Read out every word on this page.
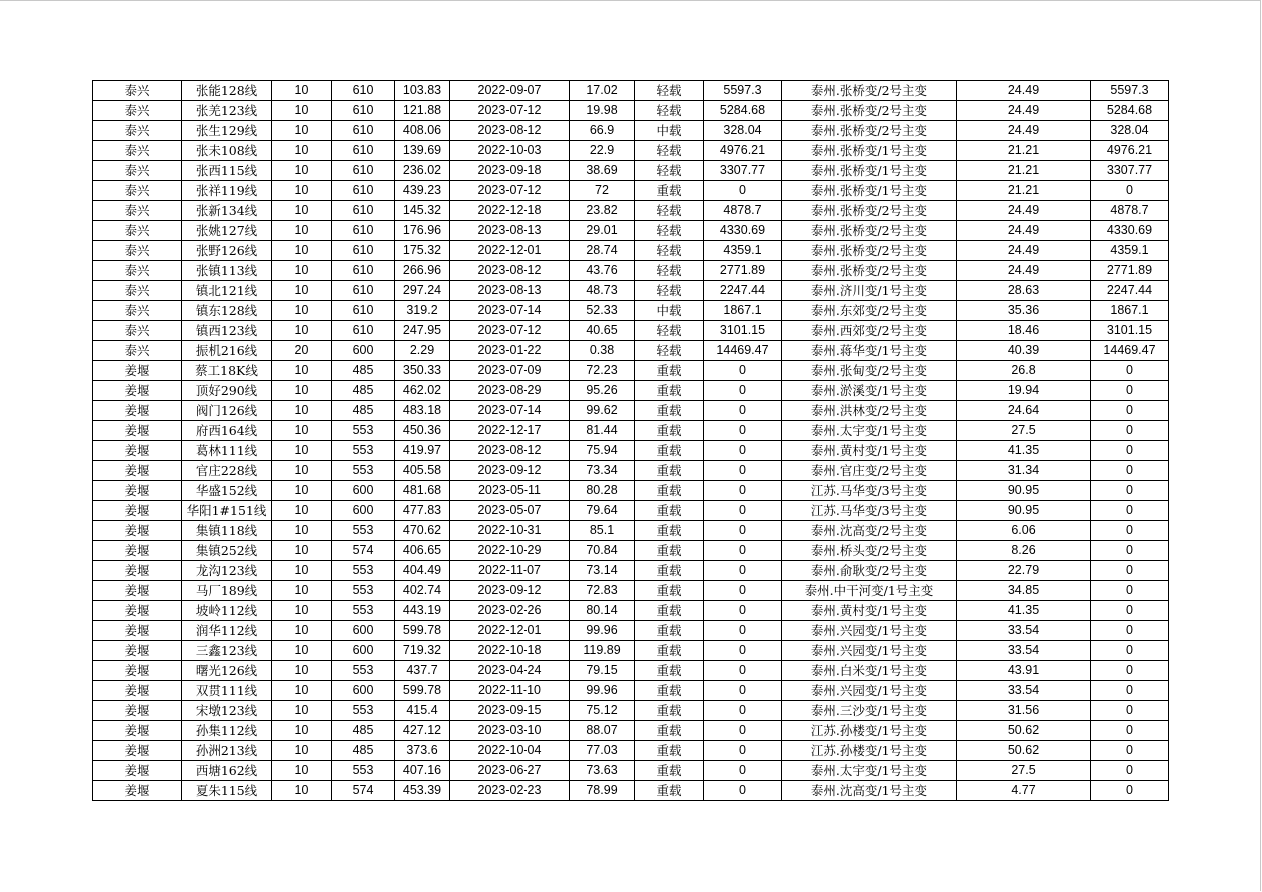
泰兴	张能128线	10	610	103.83	2022-09-07	17.02	轻载	5597.3	泰州.张桥变/2号主变	24.49	5597.3
泰兴	张羌123线	10	610	121.88	2023-07-12	19.98	轻载	5284.68	泰州.张桥变/2号主变	24.49	5284.68
泰兴	张生129线	10	610	408.06	2023-08-12	66.9	中载	328.04	泰州.张桥变/2号主变	24.49	328.04
泰兴	张未108线	10	610	139.69	2022-10-03	22.9	轻载	4976.21	泰州.张桥变/1号主变	21.21	4976.21
泰兴	张西115线	10	610	236.02	2023-09-18	38.69	轻载	3307.77	泰州.张桥变/1号主变	21.21	3307.77
泰兴	张祥119线	10	610	439.23	2023-07-12	72	重载	0	泰州.张桥变/1号主变	21.21	0
泰兴	张新134线	10	610	145.32	2022-12-18	23.82	轻载	4878.7	泰州.张桥变/2号主变	24.49	4878.7
泰兴	张姚127线	10	610	176.96	2023-08-13	29.01	轻载	4330.69	泰州.张桥变/2号主变	24.49	4330.69
泰兴	张野126线	10	610	175.32	2022-12-01	28.74	轻载	4359.1	泰州.张桥变/2号主变	24.49	4359.1
泰兴	张镇113线	10	610	266.96	2023-08-12	43.76	轻载	2771.89	泰州.张桥变/2号主变	24.49	2771.89
泰兴	镇北121线	10	610	297.24	2023-08-13	48.73	轻载	2247.44	泰州.济川变/1号主变	28.63	2247.44
泰兴	镇东128线	10	610	319.2	2023-07-14	52.33	中载	1867.1	泰州.东郊变/2号主变	35.36	1867.1
泰兴	镇西123线	10	610	247.95	2023-07-12	40.65	轻载	3101.15	泰州.西郊变/2号主变	18.46	3101.15
泰兴	振机216线	20	600	2.29	2023-01-22	0.38	轻载	14469.47	泰州.蒋华变/1号主变	40.39	14469.47
姜堰	蔡工18K线	10	485	350.33	2023-07-09	72.23	重载	0	泰州.张甸变/2号主变	26.8	0
姜堰	顶好290线	10	485	462.02	2023-08-29	95.26	重载	0	泰州.淤溪变/1号主变	19.94	0
姜堰	阀门126线	10	485	483.18	2023-07-14	99.62	重载	0	泰州.洪林变/2号主变	24.64	0
姜堰	府西164线	10	553	450.36	2022-12-17	81.44	重载	0	泰州.太宇变/1号主变	27.5	0
姜堰	葛林111线	10	553	419.97	2023-08-12	75.94	重载	0	泰州.黄村变/1号主变	41.35	0
姜堰	官庄228线	10	553	405.58	2023-09-12	73.34	重载	0	泰州.官庄变/2号主变	31.34	0
姜堰	华盛152线	10	600	481.68	2023-05-11	80.28	重载	0	江苏.马华变/3号主变	90.95	0
姜堰	华阳1#151线	10	600	477.83	2023-05-07	79.64	重载	0	江苏.马华变/3号主变	90.95	0
姜堰	集镇118线	10	553	470.62	2022-10-31	85.1	重载	0	泰州.沈高变/2号主变	6.06	0
姜堰	集镇252线	10	574	406.65	2022-10-29	70.84	重载	0	泰州.桥头变/2号主变	8.26	0
姜堰	龙沟123线	10	553	404.49	2022-11-07	73.14	重载	0	泰州.俞耿变/2号主变	22.79	0
姜堰	马厂189线	10	553	402.74	2023-09-12	72.83	重载	0	泰州.中干河变/1号主变	34.85	0
姜堰	坡岭112线	10	553	443.19	2023-02-26	80.14	重载	0	泰州.黄村变/1号主变	41.35	0
姜堰	润华112线	10	600	599.78	2022-12-01	99.96	重载	0	泰州.兴园变/1号主变	33.54	0
姜堰	三鑫123线	10	600	719.32	2022-10-18	119.89	重载	0	泰州.兴园变/1号主变	33.54	0
姜堰	曙光126线	10	553	437.7	2023-04-24	79.15	重载	0	泰州.白米变/1号主变	43.91	0
姜堰	双贯111线	10	600	599.78	2022-11-10	99.96	重载	0	泰州.兴园变/1号主变	33.54	0
姜堰	宋墩123线	10	553	415.4	2023-09-15	75.12	重载	0	泰州.三沙变/1号主变	31.56	0
姜堰	孙集112线	10	485	427.12	2023-03-10	88.07	重载	0	江苏.孙楼变/1号主变	50.62	0
姜堰	孙洲213线	10	485	373.6	2022-10-04	77.03	重载	0	江苏.孙楼变/1号主变	50.62	0
姜堰	西塘162线	10	553	407.16	2023-06-27	73.63	重载	0	泰州.太宇变/1号主变	27.5	0
姜堰	夏朱115线	10	574	453.39	2023-02-23	78.99	重载	0	泰州.沈高变/1号主变	4.77	0
